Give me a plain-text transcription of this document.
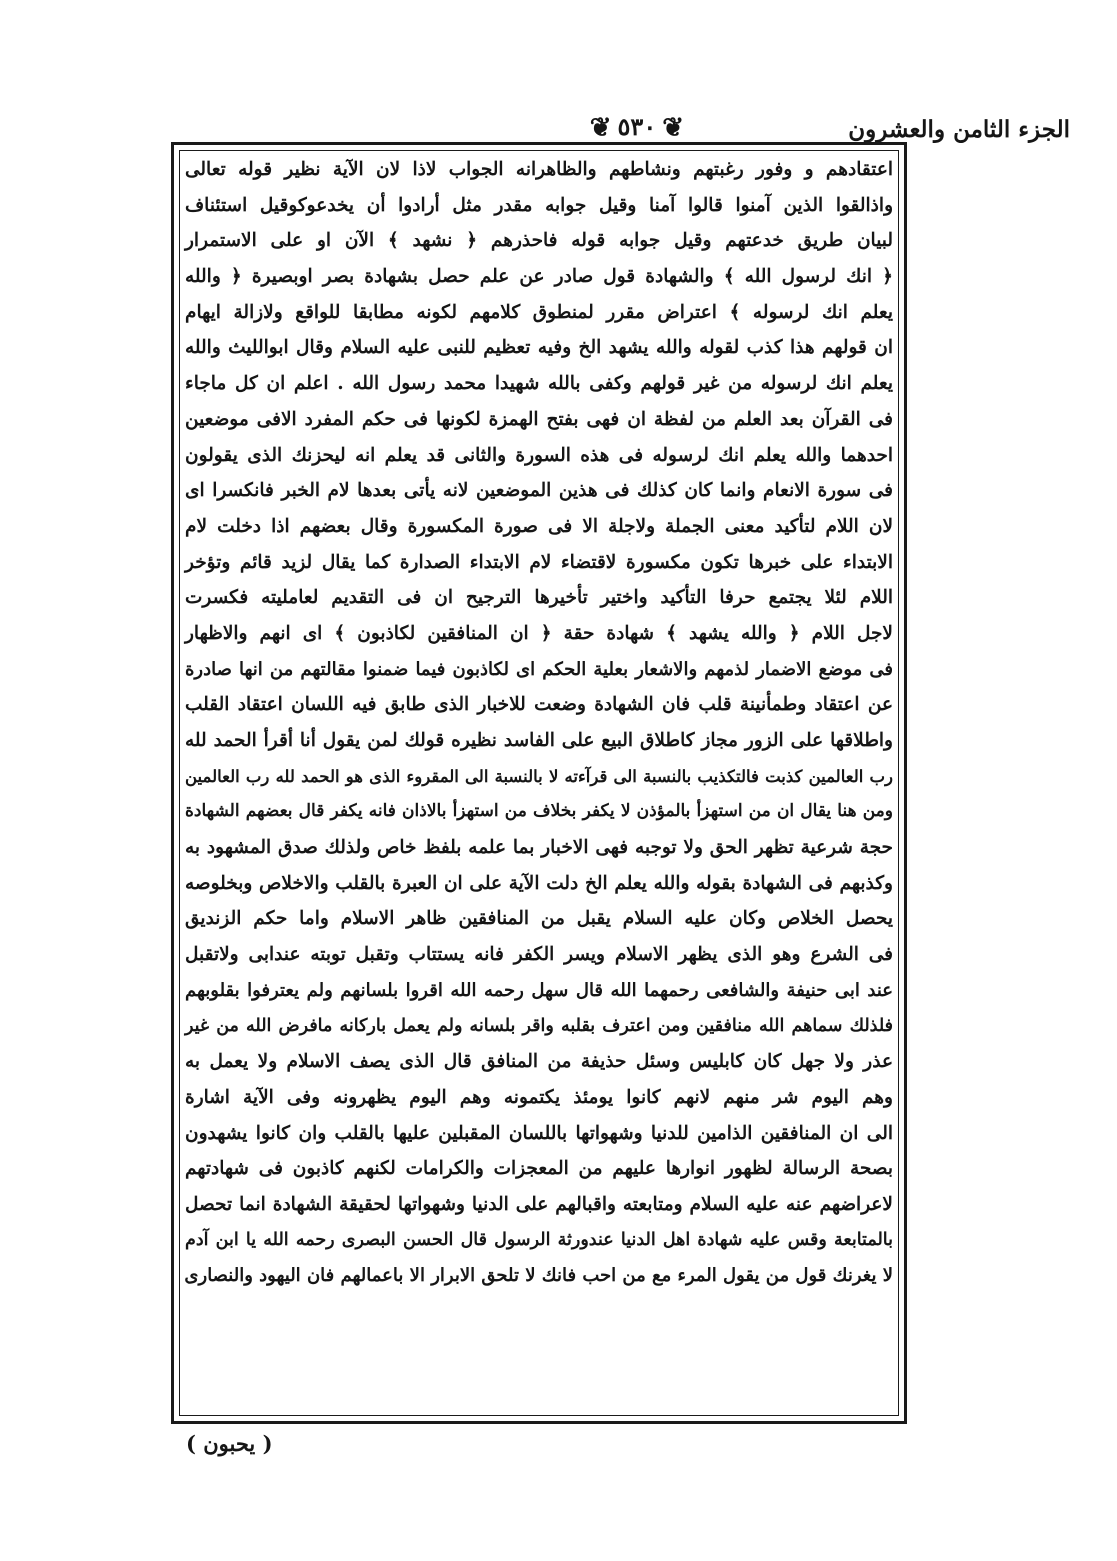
الجزء الثامن والعشرون
❦٥٣٠❦
اعتقادهم و وفور رغبتهم ونشاطهم والظاهرانه الجواب لاذا لان الآية نظير قوله تعالى
واذالقوا الذين آمنوا قالوا آمنا وقيل جوابه مقدر مثل أرادوا أن يخدعوكوقيل استئناف
لبيان طريق خدعتهم وقيل جوابه قوله فاحذرهم ﴿ نشهد ﴾ الآن او على الاستمرار
﴿ انك لرسول الله ﴾ والشهادة قول صادر عن علم حصل بشهادة بصر اوبصيرة ﴿ والله
يعلم انك لرسوله ﴾ اعتراض مقرر لمنطوق كلامهم لكونه مطابقا للواقع ولازالة ايهام
ان قولهم هذا كذب لقوله والله يشهد الخ وفيه تعظيم للنبى عليه السلام وقال ابوالليث والله
يعلم انك لرسوله من غير قولهم وكفى بالله شهيدا محمد رسول الله . اعلم ان كل ماجاء
فى القرآن بعد العلم من لفظة ان فهى بفتح الهمزة لكونها فى حكم المفرد الافى موضعين
احدهما والله يعلم انك لرسوله فى هذه السورة والثانى قد يعلم انه ليحزنك الذى يقولون
فى سورة الانعام وانما كان كذلك فى هذين الموضعين لانه يأتى بعدها لام الخبر فانكسرا اى
لان اللام لتأكيد معنى الجملة ولاجلة الا فى صورة المكسورة وقال بعضهم اذا دخلت لام
الابتداء على خبرها تكون مكسورة لاقتضاء لام الابتداء الصدارة كما يقال لزيد قائم وتؤخر
اللام لئلا يجتمع حرفا التأكيد واختير تأخيرها الترجيح ان فى التقديم لعامليته فكسرت
لاجل اللام ﴿ والله يشهد ﴾ شهادة حقة ﴿ ان المنافقين لكاذبون ﴾ اى انهم والاظهار
فى موضع الاضمار لذمهم والاشعار بعلية الحكم اى لكاذبون فيما ضمنوا مقالتهم من انها صادرة
عن اعتقاد وطمأنينة قلب فان الشهادة وضعت للاخبار الذى طابق فيه اللسان اعتقاد القلب
واطلاقها على الزور مجاز كاطلاق البيع على الفاسد نظيره قولك لمن يقول أنا أقرأ الحمد لله
رب العالمين كذبت فالتكذيب بالنسبة الى قرآءته لا بالنسبة الى المقروء الذى هو الحمد لله رب العالمين
ومن هنا يقال ان من استهزأ بالمؤذن لا يكفر بخلاف من استهزأ بالاذان فانه يكفر قال بعضهم الشهادة
حجة شرعية تظهر الحق ولا توجبه فهى الاخبار بما علمه بلفظ خاص ولذلك صدق المشهود به
وكذبهم فى الشهادة بقوله والله يعلم الخ دلت الآية على ان العبرة بالقلب والاخلاص وبخلوصه
يحصل الخلاص وكان عليه السلام يقبل من المنافقين ظاهر الاسلام واما حكم الزنديق
فى الشرع وهو الذى يظهر الاسلام ويسر الكفر فانه يستتاب وتقبل توبته عندابى ولاتقبل
عند ابى حنيفة والشافعى رحمهما الله قال سهل رحمه الله اقروا بلسانهم ولم يعترفوا بقلوبهم
فلذلك سماهم الله منافقين ومن اعترف بقلبه واقر بلسانه ولم يعمل باركانه مافرض الله من غير
عذر ولا جهل كان كابليس وسئل حذيفة من المنافق قال الذى يصف الاسلام ولا يعمل به
وهم اليوم شر منهم لانهم كانوا يومئذ يكتمونه وهم اليوم يظهرونه وفى الآية اشارة
الى ان المنافقين الذامين للدنيا وشهواتها باللسان المقبلين عليها بالقلب وان كانوا يشهدون
بصحة الرسالة لظهور انوارها عليهم من المعجزات والكرامات لكنهم كاذبون فى شهادتهم
لاعراضهم عنه عليه السلام ومتابعته واقبالهم على الدنيا وشهواتها لحقيقة الشهادة انما تحصل
بالمتابعة وقس عليه شهادة اهل الدنيا عندورثة الرسول قال الحسن البصرى رحمه الله يا ابن آدم
لا يغرنك قول من يقول المرء مع من احب فانك لا تلحق الابرار الا باعمالهم فان اليهود والنصارى
( يحبون )
